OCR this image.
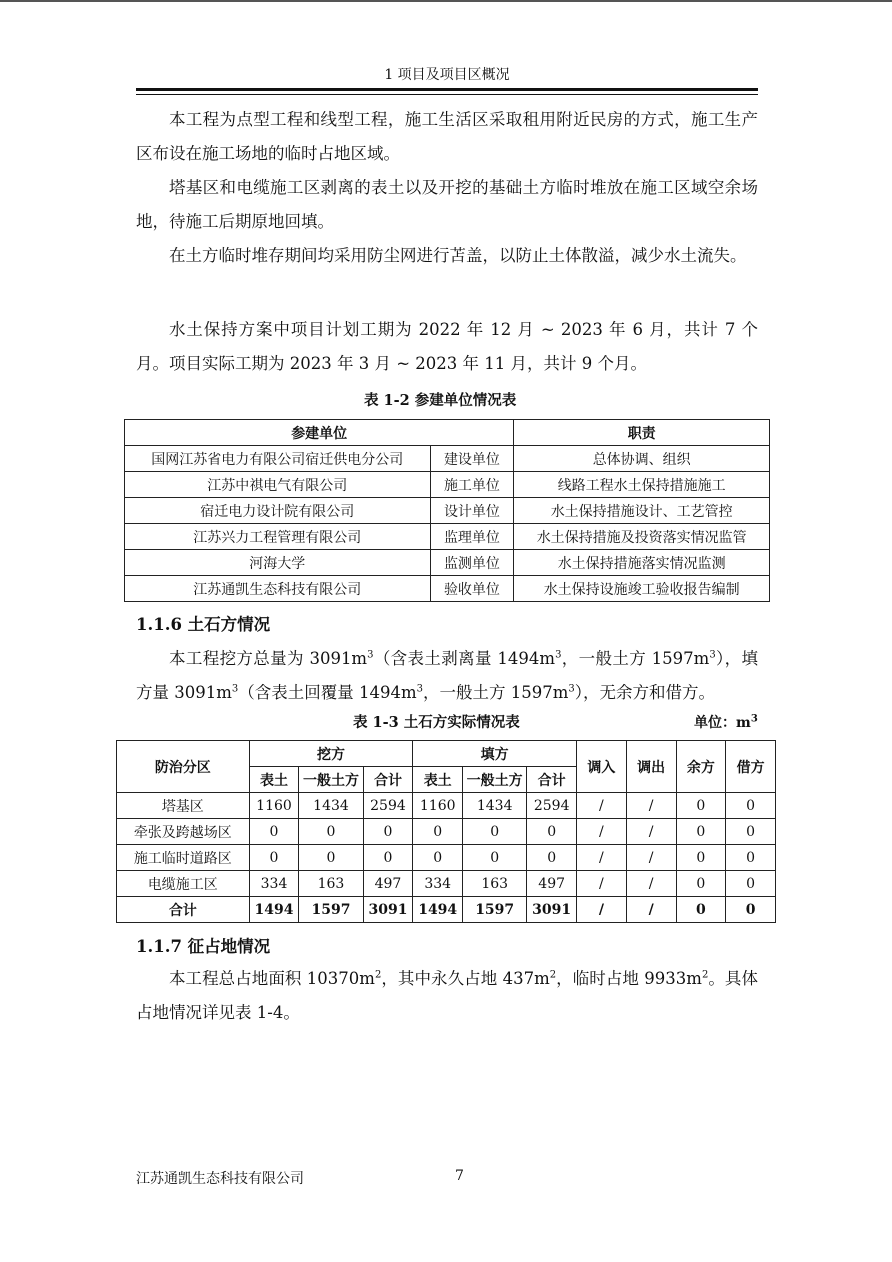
1 项目及项目区概况

本工程为点型工程和线型工程，施工生活区采取租用附近民房的方式，施工生产区布设在施工场地的临时占地区域。

塔基区和电缆施工区剥离的表土以及开挖的基础土方临时堆放在施工区域空余场地，待施工后期原地回填。

在土方临时堆存期间均采用防尘网进行苫盖，以防止土体散溢，减少水土流失。

水土保持方案中项目计划工期为 2022 年 12 月 ~ 2023 年 6 月，共计 7 个月。 项目实际工期为 2023 年 3 月 ~ 2023 年 11 月，共计 9 个月。

表 1-2 参建单位情况表
参建单位		职责
国网江苏省电力有限公司宿迁供电分公司	建设单位	总体协调、组织
江苏中祺电气有限公司	施工单位	线路工程水土保持措施施工
宿迁电力设计院有限公司	设计单位	水土保持措施设计、工艺管控
江苏兴力工程管理有限公司	监理单位	水土保持措施及投资落实情况监管
河海大学	监测单位	水土保持措施落实情况监测
江苏通凯生态科技有限公司	验收单位	水土保持设施竣工验收报告编制
1.1.6 土石方情况

本工程挖方总量为 $3091m^3$（含表土剥离量 $1494m^3$，一般土方 $1597m^3$），填方量 $3091m^3$（含表土回覆量 $1494m^3$，一般土方 $1597m^3$），无余方和借方。

表 1-3 土石方实际情况表	单位：$m^3$
防治分区	挖方			填方			调入	调出	余方	借方
	表土	一般土方	合计	表土	一般土方	合计				
塔基区	1160	1434	2594	1160	1434	2594	/	/	0	0
牵张及跨越场区	0	0	0	0	0	0	/	/	0	0
施工临时道路区	0	0	0	0	0	0	/	/	0	0
电缆施工区	334	163	497	334	163	497	/	/	0	0
合计	1494	1597	3091	1494	1597	3091	/	/	0	0
1.1.7 征占地情况

本工程总占地面积 $10370m^2$，其中永久占地 $437m^2$，临时占地 $9933m^2$。具体占地情况详见表 1-4。

江苏通凯生态科技有限公司	7
